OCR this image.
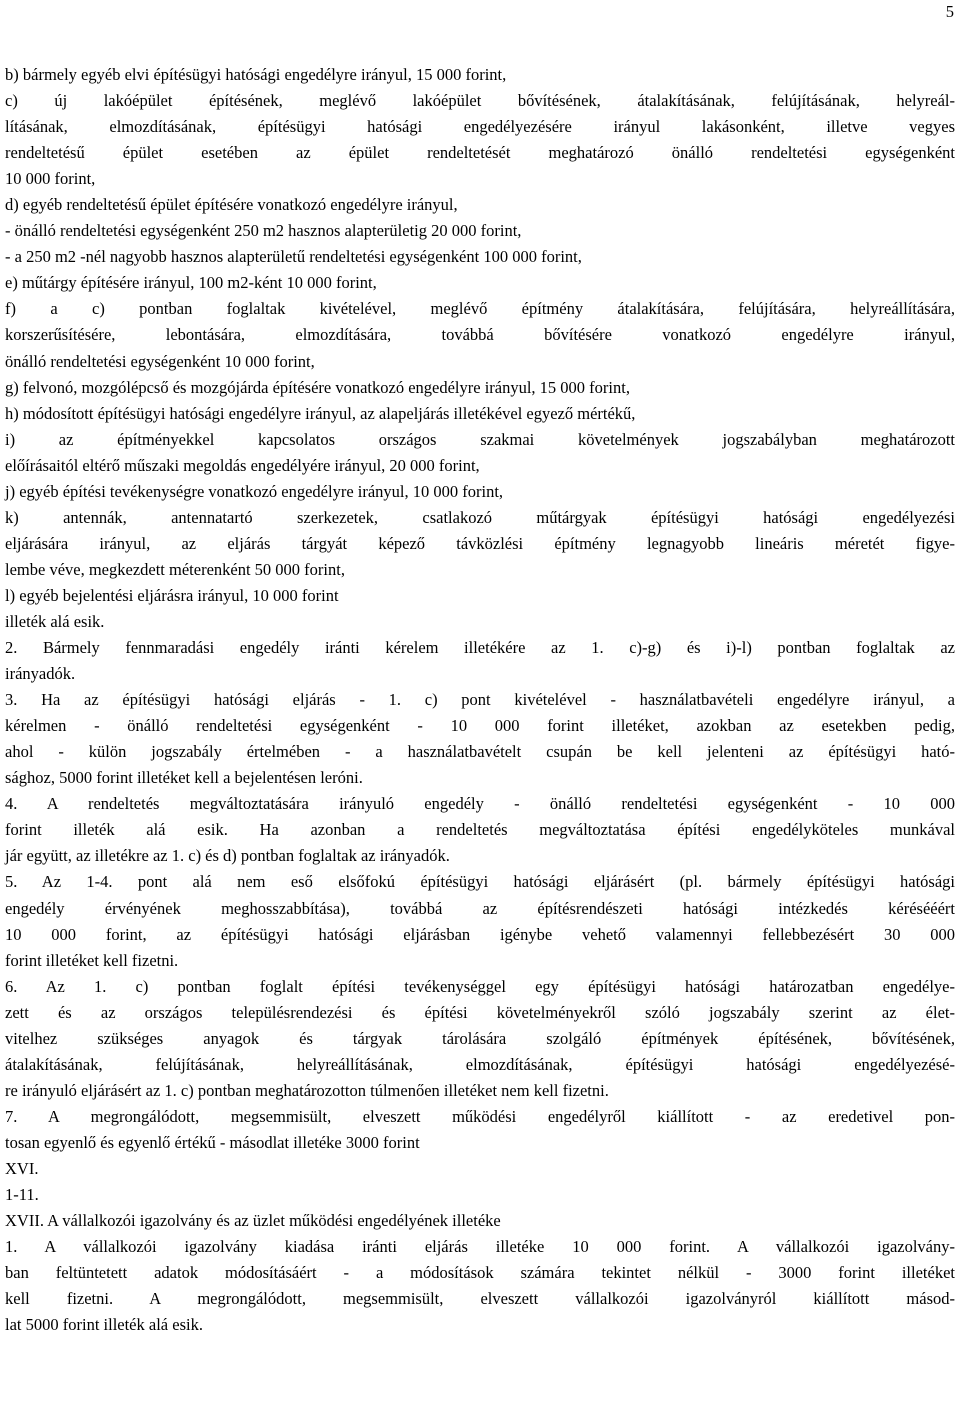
5
b) bármely egyéb elvi építésügyi hatósági engedélyre irányul, 15 000 forint,
c) új lakóépület építésének, meglévő lakóépület bővítésének, átalakításának, felújításának, helyreál-
lításának, elmozdításának, építésügyi hatósági engedélyezésére irányul lakásonként, illetve vegyes
rendeltetésű épület esetében az épület rendeltetését meghatározó önálló rendeltetési egységenként
10 000 forint,
d) egyéb rendeltetésű épület építésére vonatkozó engedélyre irányul,
- önálló rendeltetési egységenként 250 m2 hasznos alapterületig 20 000 forint,
- a 250 m2 -nél nagyobb hasznos alapterületű rendeltetési egységenként 100 000 forint,
e) műtárgy építésére irányul, 100 m2-ként 10 000 forint,
f) a c) pontban foglaltak kivételével, meglévő építmény átalakítására, felújítására, helyreállítására,
korszerűsítésére, lebontására, elmozdítására, továbbá bővítésére vonatkozó engedélyre irányul,
önálló rendeltetési egységenként 10 000 forint,
g) felvonó, mozgólépcső és mozgójárda építésére vonatkozó engedélyre irányul, 15 000 forint,
h) módosított építésügyi hatósági engedélyre irányul, az alapeljárás illetékével egyező mértékű,
i) az építményekkel kapcsolatos országos szakmai követelmények jogszabályban meghatározott
előírásaitól eltérő műszaki megoldás engedélyére irányul, 20 000 forint,
j) egyéb építési tevékenységre vonatkozó engedélyre irányul, 10 000 forint,
k) antennák, antennatartó szerkezetek, csatlakozó műtárgyak építésügyi hatósági engedélyezési
eljárására irányul, az eljárás tárgyát képező távközlési építmény legnagyobb lineáris méretét figye-
lembe véve, megkezdett méterenként 50 000 forint,
l) egyéb bejelentési eljárásra irányul, 10 000 forint
illeték alá esik.
2. Bármely fennmaradási engedély iránti kérelem illetékére az 1. c)-g) és i)-l) pontban foglaltak az
irányadók.
3. Ha az építésügyi hatósági eljárás - 1. c) pont kivételével - használatbavételi engedélyre irányul, a
kérelmen - önálló rendeltetési egységenként - 10 000 forint illetéket, azokban az esetekben pedig,
ahol - külön jogszabály értelmében - a használatbavételt csupán be kell jelenteni az építésügyi ható-
sághoz, 5000 forint illetéket kell a bejelentésen leróni.
4. A rendeltetés megváltoztatására irányuló engedély - önálló rendeltetési egységenként - 10 000
forint illeték alá esik. Ha azonban a rendeltetés megváltoztatása építési engedélyköteles munkával
jár együtt, az illetékre az 1. c) és d) pontban foglaltak az irányadók.
5. Az 1-4. pont alá nem eső elsőfokú építésügyi hatósági eljárásért (pl. bármely építésügyi hatósági
engedély érvényének meghosszabbítása), továbbá az építésrendészeti hatósági intézkedés kérésééért
10 000 forint, az építésügyi hatósági eljárásban igénybe vehető valamennyi fellebbezésért 30 000
forint illetéket kell fizetni.
6. Az 1. c) pontban foglalt építési tevékenységgel egy építésügyi hatósági határozatban engedélye-
zett és az országos településrendezési és építési követelményekről szóló jogszabály szerint az élet-
vitelhez szükséges anyagok és tárgyak tárolására szolgáló építmények építésének, bővítésének,
átalakításának, felújításának, helyreállításának, elmozdításának, építésügyi hatósági engedélyezésé-
re irányuló eljárásért az 1. c) pontban meghatározotton túlmenően illetéket nem kell fizetni.
7. A megrongálódott, megsemmisült, elveszett működési engedélyről kiállított - az eredetivel pon-
tosan egyenlő és egyenlő értékű - másodlat illetéke 3000 forint
XVI.
1-11.
XVII. A vállalkozói igazolvány és az üzlet működési engedélyének illetéke
1. A vállalkozói igazolvány kiadása iránti eljárás illetéke 10 000 forint. A vállalkozói igazolvány-
ban feltüntetett adatok módosításáért - a módosítások számára tekintet nélkül - 3000 forint illetéket
kell fizetni. A megrongálódott, megsemmisült, elveszett vállalkozói igazolványról kiállított másod-
lat 5000 forint illeték alá esik.
